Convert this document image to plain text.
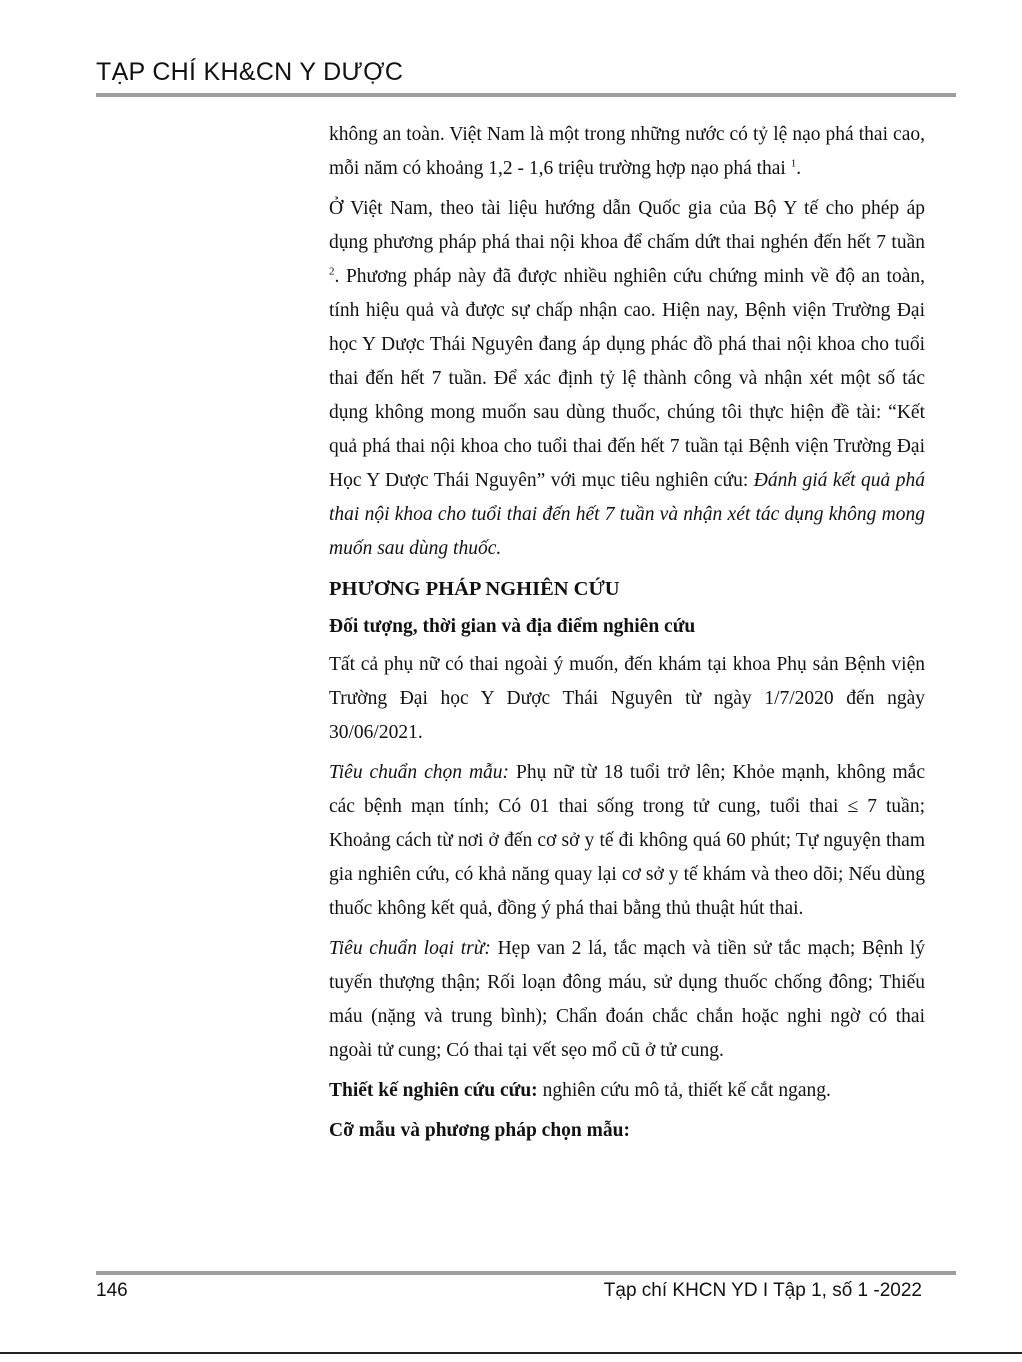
TẠP CHÍ KH&CN Y DƯỢC

không an toàn. Việt Nam là một trong những nước có tỷ lệ nạo phá thai cao, mỗi năm có khoảng 1,2 - 1,6 triệu trường hợp nạo phá thai $^1$.

Ở Việt Nam, theo tài liệu hướng dẫn Quốc gia của Bộ Y tế cho phép áp dụng phương pháp phá thai nội khoa để chấm dứt thai nghén đến hết 7 tuần $^2$. Phương pháp này đã được nhiều nghiên cứu chứng minh về độ an toàn, tính hiệu quả và được sự chấp nhận cao. Hiện nay, Bệnh viện Trường Đại học Y Dược Thái Nguyên đang áp dụng phác đồ phá thai nội khoa cho tuổi thai đến hết 7 tuần. Để xác định tỷ lệ thành công và nhận xét một số tác dụng không mong muốn sau dùng thuốc, chúng tôi thực hiện đề tài: “Kết quả phá thai nội khoa cho tuổi thai đến hết 7 tuần tại Bệnh viện Trường Đại Học Y Dược Thái Nguyên” với mục tiêu nghiên cứu: Đánh giá kết quả phá thai nội khoa cho tuổi thai đến hết 7 tuần và nhận xét tác dụng không mong muốn sau dùng thuốc.

PHƯƠNG PHÁP NGHIÊN CỨU
Đối tượng, thời gian và địa điểm nghiên cứu

Tất cả phụ nữ có thai ngoài ý muốn, đến khám tại khoa Phụ sản Bệnh viện Trường Đại học Y Dược Thái Nguyên từ ngày 1/7/2020 đến ngày 30/06/2021.

Tiêu chuẩn chọn mẫu: Phụ nữ từ 18 tuổi trở lên; Khỏe mạnh, không mắc các bệnh mạn tính; Có 01 thai sống trong tử cung, tuổi thai ≤ 7 tuần; Khoảng cách từ nơi ở đến cơ sở y tế đi không quá 60 phút; Tự nguyện tham gia nghiên cứu, có khả năng quay lại cơ sở y tế khám và theo dõi; Nếu dùng thuốc không kết quả, đồng ý phá thai bằng thủ thuật hút thai.

Tiêu chuẩn loại trừ: Hẹp van 2 lá, tắc mạch và tiền sử tắc mạch; Bệnh lý tuyến thượng thận; Rối loạn đông máu, sử dụng thuốc chống đông; Thiếu máu (nặng và trung bình); Chẩn đoán chắc chắn hoặc nghi ngờ có thai ngoài tử cung; Có thai tại vết sẹo mổ cũ ở tử cung.

Thiết kế nghiên cứu cứu: nghiên cứu mô tả, thiết kế cắt ngang.

Cỡ mẫu và phương pháp chọn mẫu:
146	Tạp chí KHCN YD I Tập 1, số 1 -2022
